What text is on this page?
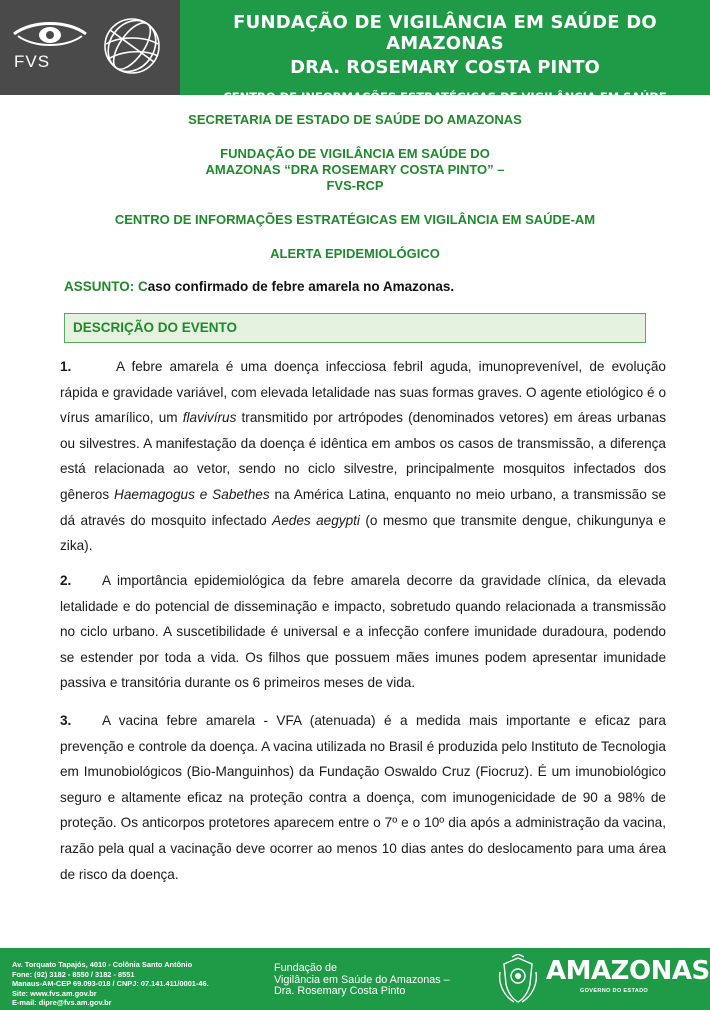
FVS
FUNDAÇÃO DE VIGILÂNCIA EM SAÚDE DO AMAZONAS
DRA. ROSEMARY COSTA PINTO
CENTRO DE INFORMAÇÕES ESTRATÉGICAS DE VIGILÂNCIA EM SAÚDE
SECRETARIA DE ESTADO DE SAÚDE DO AMAZONAS
FUNDAÇÃO DE VIGILÂNCIA EM SAÚDE DO
AMAZONAS “DRA ROSEMARY COSTA PINTO” –
FVS-RCP
CENTRO DE INFORMAÇÕES ESTRATÉGICAS EM VIGILÂNCIA EM SAÚDE-AM
ALERTA EPIDEMIOLÓGICO
ASSUNTO: Caso confirmado de febre amarela no Amazonas.
DESCRIÇÃO DO EVENTO
1.	A febre amarela é uma doença infecciosa febril aguda, imunoprevenível, de evolução rápida e gravidade variável, com elevada letalidade nas suas formas graves. O agente etiológico é o vírus amarílico, um flavivírus transmitido por artrópodes (denominados vetores) em áreas urbanas ou silvestres. A manifestação da doença é idêntica em ambos os casos de transmissão, a diferença está relacionada ao vetor, sendo no ciclo silvestre, principalmente mosquitos infectados dos gêneros Haemagogus e Sabethes na América Latina, enquanto no meio urbano, a transmissão se dá através do mosquito infectado Aedes aegypti (o mesmo que transmite dengue, chikungunya e zika).
2. A importância epidemiológica da febre amarela decorre da gravidade clínica, da elevada letalidade e do potencial de disseminação e impacto, sobretudo quando relacionada a transmissão no ciclo urbano. A suscetibilidade é universal e a infecção confere imunidade duradoura, podendo se estender por toda a vida. Os filhos que possuem mães imunes podem apresentar imunidade passiva e transitória durante os 6 primeiros meses de vida.
3. A vacina febre amarela - VFA (atenuada) é a medida mais importante e eficaz para prevenção e controle da doença. A vacina utilizada no Brasil é produzida pelo Instituto de Tecnologia em Imunobiológicos (Bio-Manguinhos) da Fundação Oswaldo Cruz (Fiocruz). É um imunobiológico seguro e altamente eficaz na proteção contra a doença, com imunogenicidade de 90 a 98% de proteção. Os anticorpos protetores aparecem entre o 7º e o 10º dia após a administração da vacina, razão pela qual a vacinação deve ocorrer ao menos 10 dias antes do deslocamento para uma área de risco da doença.
Av. Torquato Tapajós, 4010 - Colônia Santo Antônio
Fone: (92) 3182 - 8550 / 3182 - 8551
Manaus-AM-CEP 69.093-018 / CNPJ: 07.141.411/0001-46.
Site: www.fvs.am.gov.br
E-mail: dipre@fvs.am.gov.br
Fundação de
Vigilância em Saúde do Amazonas –
Dra. Rosemary Costa Pinto
AMAZONAS
GOVERNO DO ESTADO
